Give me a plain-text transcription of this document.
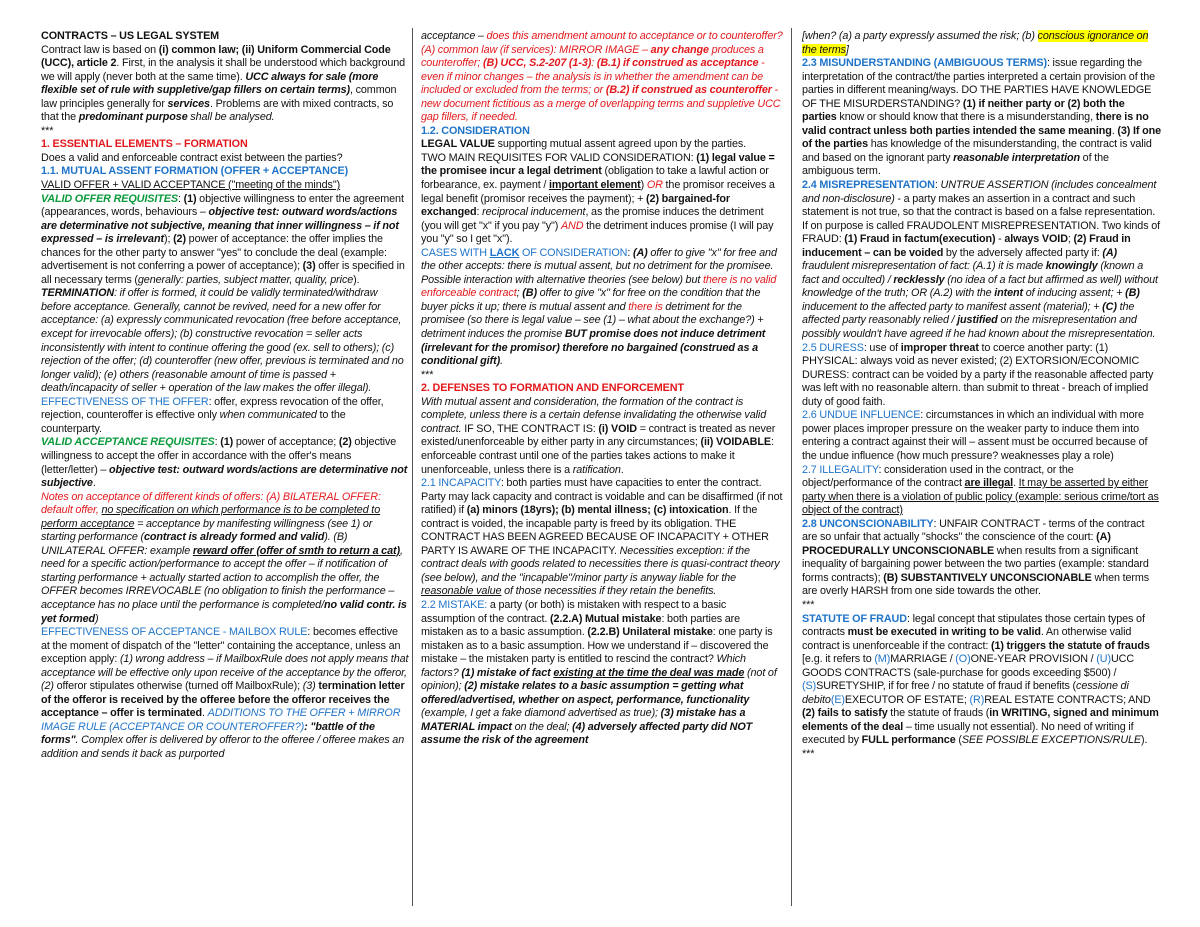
CONTRACTS – US LEGAL SYSTEM

Contract law is based on (i) common law; (ii) Uniform Commercial Code (UCC), article 2. First, in the analysis it shall be understood which background we will apply (never both at the same time). UCC always for sale (more flexible set of rule with suppletive/gap fillers on certain terms), common law principles generally for services. Problems are with mixed contracts, so that the predominant purpose shall be analysed.

***

1. ESSENTIAL ELEMENTS – FORMATION

Does a valid and enforceable contract exist between the parties?

1.1. MUTUAL ASSENT FORMATION (OFFER + ACCEPTANCE)

VALID OFFER + VALID ACCEPTANCE ("meeting of the minds")

VALID OFFER REQUISITES: (1) objective willingness to enter the agreement (appearances, words, behaviours – objective test: outward words/actions are determinative not subjective, meaning that inner willingness – if not expressed – is irrelevant); (2) power of acceptance: the offer implies the chances for the other party to answer "yes" to conclude the deal (example: advertisement is not conferring a power of acceptance); (3) offer is specified in all necessary terms (generally: parties, subject matter, quality, price).

TERMINATION: if offer is formed, it could be validly terminated/withdraw before acceptance. Generally, cannot be revived, need for a new offer for acceptance: (a) expressly communicated revocation (free before acceptance, except for irrevocable offers); (b) constructive revocation = seller acts inconsistently with intent to continue offering the good (ex. sell to others); (c) rejection of the offer; (d) counteroffer (new offer, previous is terminated and no longer valid); (e) others (reasonable amount of time is passed + death/incapacity of seller + operation of the law makes the offer illegal). EFFECTIVENESS OF THE OFFER: offer, express revocation of the offer, rejection, counteroffer is effective only when communicated to the counterparty.

VALID ACCEPTANCE REQUISITES: (1) power of acceptance; (2) objective willingness to accept the offer in accordance with the offer's means (letter/letter) – objective test: outward words/actions are determinative not subjective.

Notes on acceptance of different kinds of offers: (A) BILATERAL OFFER: default offer, no specification on which performance is to be completed to perform acceptance = acceptance by manifesting willingness (see 1) or starting performance (contract is already formed and valid). (B) UNILATERAL OFFER: example reward offer (offer of smth to return a cat), need for a specific action/performance to accept the offer – if notification of starting performance + actually started action to accomplish the offer, the OFFER becomes IRREVOCABLE (no obligation to finish the performance – acceptance has no place until the performance is completed/no valid contr. is yet formed)

EFFECTIVENESS OF ACCEPTANCE - MAILBOX RULE: becomes effective at the moment of dispatch of the "letter" containing the acceptance, unless an exception apply: (1) wrong address – if MailboxRule does not apply means that acceptance will be effective only upon receive of the acceptance by the offeror, (2) offeror stipulates otherwise (turned off MailboxRule); (3) termination letter of the offeror is received by the offeree before the offeror receives the acceptance – offer is terminated. ADDITIONS TO THE OFFER + MIRROR IMAGE RULE (ACCEPTANCE OR COUNTEROFFER?): "battle of the forms". Complex offer is delivered by offeror to the offeree / offeree makes an addition and sends it back as purported

acceptance – does this amendment amount to acceptance or to counteroffer? (A) common law (if services): MIRROR IMAGE – any change produces a counteroffer; (B) UCC, S.2-207 (1-3): (B.1) if construed as acceptance - even if minor changes – the analysis is in whether the amendment can be included or excluded from the terms; or (B.2) if construed as counteroffer - new document fictitious as a merge of overlapping terms and suppletive UCC gap fillers, if needed.

1.2. CONSIDERATION

LEGAL VALUE supporting mutual assent agreed upon by the parties.

TWO MAIN REQUISITES FOR VALID CONSIDERATION: (1) legal value = the promisee incur a legal detriment (obligation to take a lawful action or forbearance, ex. payment / important element) OR the promisor receives a legal benefit (promisor receives the payment); + (2) bargained-for exchanged: reciprocal inducement, as the promise induces the detriment (you will get "x" if you pay "y") AND the detriment induces promise (I will pay you "y" so I get "x").

CASES WITH LACK OF CONSIDERATION: (A) offer to give "x" for free and the other accepts: there is mutual assent, but no detriment for the promisee. Possible interaction with alternative theories (see below) but there is no valid enforceable contract; (B) offer to give "x" for free on the condition that the buyer picks it up; there is mutual assent and there is detriment for the promisee (so there is legal value – see (1) – what about the exchange?) + detriment induces the promise BUT promise does not induce detriment (irrelevant for the promisor) therefore no bargained (construed as a conditional gift).

***

2. DEFENSES TO FORMATION AND ENFORCEMENT

With mutual assent and consideration, the formation of the contract is complete, unless there is a certain defense invalidating the otherwise valid contract. IF SO, THE CONTRACT IS: (i) VOID = contract is treated as never existed/unenforceable by either party in any circumstances; (ii) VOIDABLE: enforceable contrast until one of the parties takes actions to make it unenforceable, unless there is a ratification.

2.1 INCAPACITY: both parties must have capacities to enter the contract. Party may lack capacity and contract is voidable and can be disaffirmed (if not ratified) if (a) minors (18yrs); (b) mental illness; (c) intoxication. If the contract is voided, the incapable party is freed by its obligation. THE CONTRACT HAS BEEN AGREED BECAUSE OF INCAPACITY + OTHER PARTY IS AWARE OF THE INCAPACITY. Necessities exception: if the contract deals with goods related to necessities there is quasi-contract theory (see below), and the "incapable"/minor party is anyway liable for the reasonable value of those necessities if they retain the benefits.

2.2 MISTAKE: a party (or both) is mistaken with respect to a basic assumption of the contract. (2.2.A) Mutual mistake: both parties are mistaken as to a basic assumption. (2.2.B) Unilateral mistake: one party is mistaken as to a basic assumption. How we understand if – discovered the mistake – the mistaken party is entitled to rescind the contract? Which factors? (1) mistake of fact existing at the time the deal was made (not of opinion); (2) mistake relates to a basic assumption = getting what offered/advertised, whether on aspect, performance, functionality (example, I get a fake diamond advertised as true); (3) mistake has a MATERIAL impact on the deal; (4) adversely affected party did NOT assume the risk of the agreement

[when? (a) a party expressly assumed the risk; (b) conscious ignorance on the terms]

2.3 MISUNDERSTANDING (AMBIGUOUS TERMS): issue regarding the interpretation of the contract/the parties interpreted a certain provision of the parties in different meaning/ways. DO THE PARTIES HAVE KNOWLEDGE OF THE MISURDERSTANDING? (1) if neither party or (2) both the parties know or should know that there is a misunderstanding, there is no valid contract unless both parties intended the same meaning. (3) If one of the parties has knowledge of the misunderstanding, the contract is valid and based on the ignorant party reasonable interpretation of the ambiguous term.

2.4 MISREPRESENTATION: UNTRUE ASSERTION (includes concealment and non-disclosure) - a party makes an assertion in a contract and such statement is not true, so that the contract is based on a false representation. If on purpose is called FRAUDOLENT MISREPRESENTATION. Two kinds of FRAUD: (1) Fraud in factum(execution) - always VOID; (2) Fraud in inducement – can be voided by the adversely affected party if: (A) fraudulent misrepresentation of fact: (A.1) it is made knowingly (known a fact and occulted) / recklessly (no idea of a fact but affirmed as well) without knowledge of the truth; OR (A.2) with the intent of inducing assent; + (B) inducement to the affected party to manifest assent (material); + (C) the affected party reasonably relied / justified on the misrepresentation and possibly wouldn't have agreed if he had known about the misrepresentation.

2.5 DURESS: use of improper threat to coerce another party: (1) PHYSICAL: always void as never existed; (2) EXTORSION/ECONOMIC DURESS: contract can be voided by a party if the reasonable affected party was left with no reasonable altern. than submit to threat - breach of implied duty of good faith.

2.6 UNDUE INFLUENCE: circumstances in which an individual with more power places improper pressure on the weaker party to induce them into entering a contract against their will – assent must be occurred because of the undue influence (how much pressure? weaknesses play a role)

2.7 ILLEGALITY: consideration used in the contract, or the object/performance of the contract are illegal. It may be asserted by either party when there is a violation of public policy (example: serious crime/tort as object of the contract)

2.8 UNCONSCIONABILITY: UNFAIR CONTRACT - terms of the contract are so unfair that actually "shocks" the conscience of the court: (A) PROCEDURALLY UNCONSCIONABLE when results from a significant inequality of bargaining power between the two parties (example: standard forms contracts); (B) SUBSTANTIVELY UNCONSCIONABLE when terms are overly HARSH from one side towards the other.

***

STATUTE OF FRAUD: legal concept that stipulates those certain types of contracts must be executed in writing to be valid. An otherwise valid contract is unenforceable if the contract: (1) triggers the statute of frauds [e.g. it refers to (M)MARRIAGE / (O)ONE-YEAR PROVISION / (U)UCC GOODS CONTRACTS (sale-purchase for goods exceeding $500) / (S)SURETYSHIP, if for free / no statute of fraud if benefits (cessione di debito(E)EXECUTOR OF ESTATE; (R)REAL ESTATE CONTRACTS; AND (2) fails to satisfy the statute of frauds (in WRITING, signed and minimum elements of the deal – time usually not essential). No need of writing if executed by FULL performance (SEE POSSIBLE EXCEPTIONS/RULE).

***
